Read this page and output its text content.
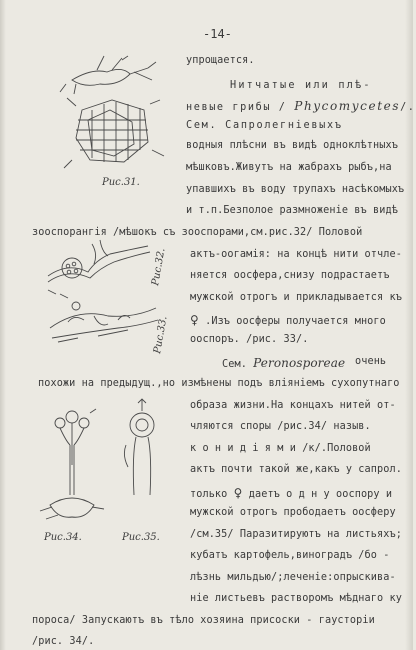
-14-
Рис.31.
Рис.32.
Рис.33.
Рис.34.	Рис.35.
упрощается.
Нитчатые или плѣ-
невые грибы / Phycomycetes/.
Сем. Сапролегніевыхъ
водныя плѣсни въ видѣ одноклѣтныхъ
мѣшковъ.Живутъ на жабрахъ рыбъ,на
упавшихъ въ воду трупахъ насѣкомыхъ
и т.п.Безполое размноженіе въ видѣ
зооспорангія /мѣшокъ съ зооспорами,см.рис.32/ Половой
актъ-оогамія: на концѣ нити отчле-
няется оосфера,снизу подрастаетъ
мужской отрогъ и прикладывается къ
♀ .Изъ оосферы получается много
ооспоръ. /рис. 33/.
Сем. Peronosporeae очень
похожи на предыдущ.,но измѣнены подъ вліяніемъ сухопутнаго
образа жизни.На концахъ нитей от-
чляются споры /рис.34/ назыв.
к о н и д і я м и /к/.Половой
актъ почти такой же,какъ у сапрол.
только ♀ даетъ о д н у ооспору и
мужской отрогъ прободаетъ оосферу
/см.35/ Паразитируютъ на листьяхъ;
кубатъ картофель,виноградъ /бо -
лѣзнь мильдью/;леченіе:опрыскива-
ніе листьевъ растворомъ мѣднаго ку
пороса/ Запускаютъ въ тѣло хозяина присоски - гаусторіи
/рис. 34/.
